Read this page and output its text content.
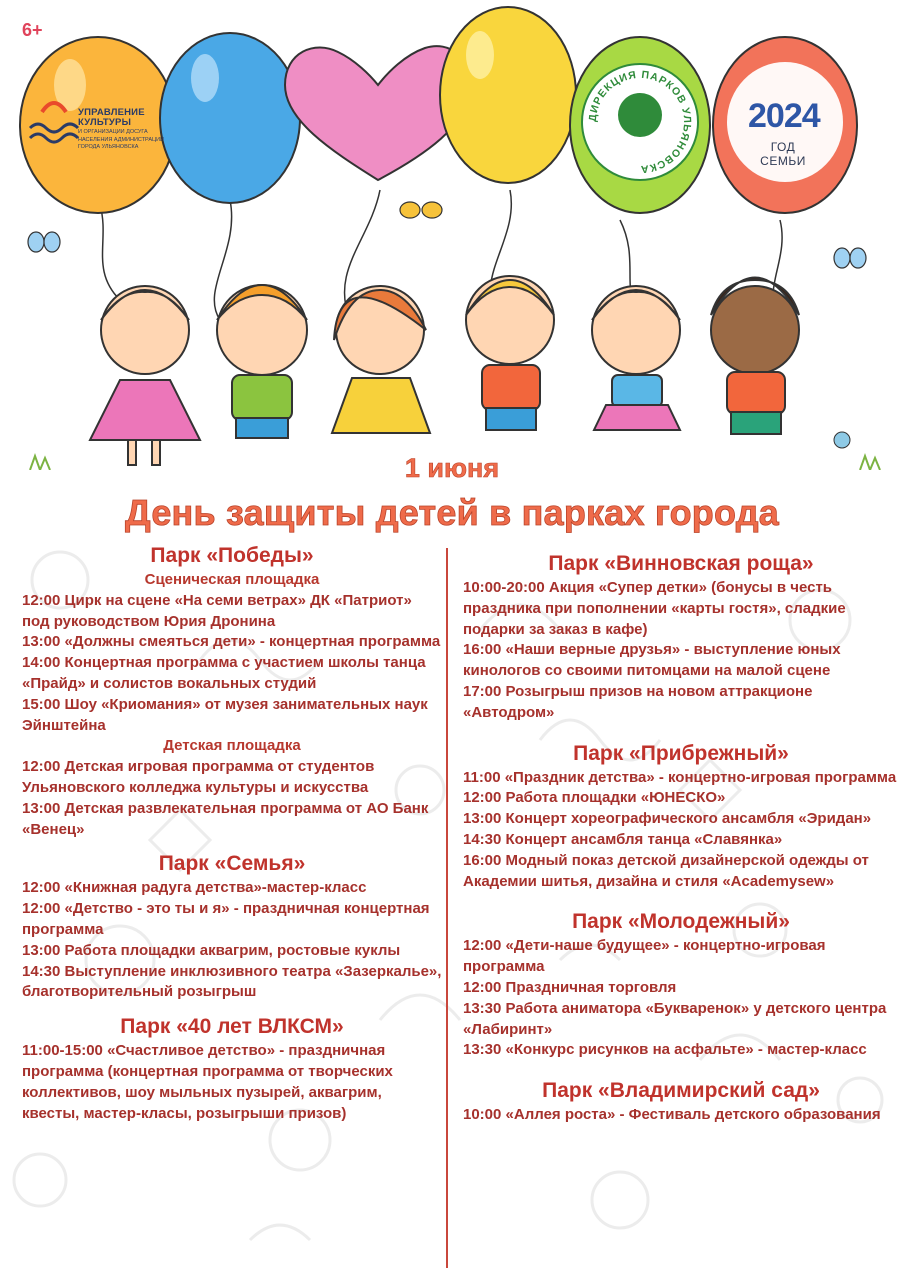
6+
УПРАВЛЕНИЕ
КУЛЬТУРЫ
И ОРГАНИЗАЦИИ ДОСУГА
НАСЕЛЕНИЯ АДМИНИСТРАЦИИ
ГОРОДА УЛЬЯНОВСКА
ДИРЕКЦИЯ ПАРКОВ УЛЬЯНОВСКА
2024
ГОД СЕМЬИ
1 июня
День защиты детей в парках города
Парк «Победы»
Сценическая площадка
12:00 Цирк на сцене «На семи ветрах» ДК «Патриот» под руководством Юрия Дронина
13:00 «Должны смеяться дети» - концертная программа
14:00 Концертная программа с участием школы танца «Прайд» и солистов вокальных студий
15:00 Шоу «Криомания» от музея занимательных наук Эйнштейна
Детская площадка
12:00 Детская игровая программа от студентов Ульяновского колледжа культуры и искусства
13:00 Детская развлекательная программа от АО Банк «Венец»
Парк «Семья»
12:00 «Книжная радуга детства»-мастер-класс
12:00 «Детство - это ты и я» - праздничная концертная программа
13:00 Работа площадки аквагрим, ростовые куклы
14:30 Выступление инклюзивного театра «Зазеркалье», благотворительный розыгрыш
Парк «40 лет ВЛКСМ»
11:00-15:00 «Счастливое детство» - праздничная программа (концертная программа от творческих коллективов, шоу мыльных пузырей, аквагрим, квесты, мастер-класы, розыгрыши призов)
Парк «Винновская роща»
10:00-20:00 Акция «Супер детки» (бонусы в честь праздника при пополнении «карты гостя», сладкие подарки за заказ в кафе)
16:00 «Наши верные друзья» - выступление юных кинологов со своими питомцами на малой сцене
17:00 Розыгрыш призов на новом аттракционе «Автодром»
Парк «Прибрежный»
11:00 «Праздник детства» - концертно-игровая программа
12:00 Работа площадки «ЮНЕСКО»
13:00 Концерт хореографического ансамбля «Эридан»
14:30 Концерт ансамбля танца «Славянка»
16:00 Модный показ детской дизайнерской одежды от Академии шитья, дизайна и стиля «Academysew»
Парк «Молодежный»
12:00 «Дети-наше будущее» - концертно-игровая программа
12:00 Праздничная торговля
13:30 Работа аниматора «Букваренок» у детского центра «Лабиринт»
13:30 «Конкурс рисунков на асфальте» - мастер-класс
Парк «Владимирский сад»
10:00 «Аллея роста» - Фестиваль детского образования
